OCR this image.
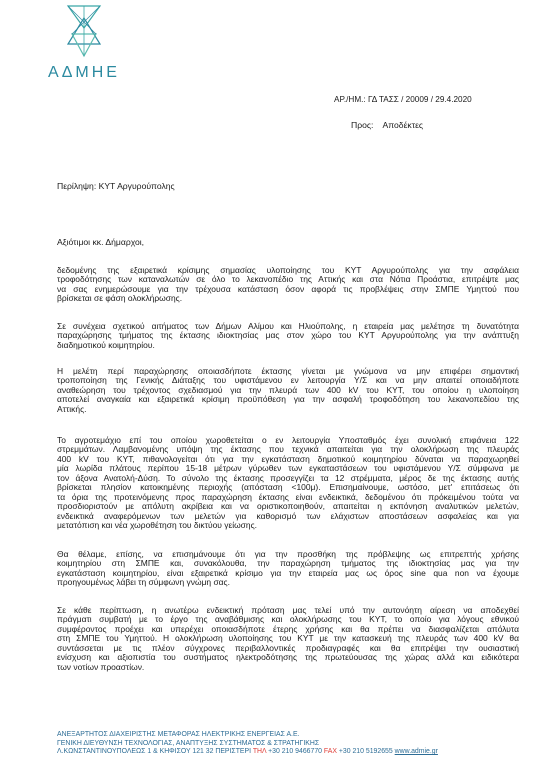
ΑΔΜΗΕ
ΑΡ./ΗΜ.: ΓΔ ΤΑΣΣ / 20009 / 29.4.2020
Προς:    Αποδέκτες
Περίληψη: ΚΥΤ Αργυρούπολης
Αξιότιμοι κκ. Δήμαρχοι,
δεδομένης της εξαιρετικά κρίσιμης σημασίας υλοποίησης του ΚΥΤ Αργυρούπολης για την ασφάλεια
τροφοδότησης των καταναλωτών σε όλο το λεκανοπέδιο της Αττικής και στα Νότια Προάστια, επιτρέψτε μας
να σας ενημερώσουμε για την τρέχουσα κατάσταση όσον αφορά τις προβλέψεις στην ΣΜΠΕ Υμηττού που
βρίσκεται σε φάση ολοκλήρωσης.
Σε συνέχεια σχετικού αιτήματος των Δήμων Αλίμου και Ηλιούπολης, η εταιρεία μας μελέτησε τη δυνατότητα
παραχώρησης τμήματος της έκτασης ιδιοκτησίας μας στον χώρο του ΚΥΤ Αργυρούπολης για την ανάπτυξη
διαδημοτικού κοιμητηρίου.
Η μελέτη περί παραχώρησης οποιασδήποτε έκτασης γίνεται με γνώμονα να μην επιφέρει σημαντική
τροποποίηση της Γενικής Διάταξης του υφιστάμενου εν λειτουργία Υ/Σ και να μην απαιτεί οποιαδήποτε
αναθεώρηση του τρέχοντος σχεδιασμού για την πλευρά των 400 kV του ΚΥΤ, του οποίου η υλοποίηση
αποτελεί αναγκαία και εξαιρετικά κρίσιμη προϋπόθεση για την ασφαλή τροφοδότηση του λεκανοπεδίου της
Αττικής.
Το αγροτεμάχιο επί του οποίου χωροθετείται ο εν λειτουργία Υποσταθμός έχει συνολική επιφάνεια 122
στρεμμάτων. Λαμβανομένης υπόψη της έκτασης που τεχνικά απαιτείται για την ολοκλήρωση της πλευράς
400 kV του ΚΥΤ, πιθανολογείται ότι για την εγκατάσταση δημοτικού κοιμητηρίου δύναται να παραχωρηθεί
μία λωρίδα πλάτους περίπου 15-18 μέτρων γύρωθεν των εγκαταστάσεων του υφιστάμενου Υ/Σ σύμφωνα με
τον άξονα Ανατολή-Δύση. Το σύνολο της έκτασης προσεγγίζει τα 12 στρέμματα, μέρος δε της έκτασης αυτής
βρίσκεται πλησίον κατοικημένης περιοχής (απόσταση <100μ). Επισημαίνουμε, ωστόσο, μετ' επιτάσεως ότι
τα όρια της προτεινόμενης προς παραχώρηση έκτασης είναι ενδεικτικά, δεδομένου ότι πρόκειμένου τούτα να
προσδιοριστούν με απόλυτη ακρίβεια και να οριστικοποιηθούν, απαιτείται η εκπόνηση αναλυτικών μελετών,
ενδεικτικά αναφερόμενων των μελετών για καθορισμό των ελάχιστων αποστάσεων ασφαλείας και για
μετατόπιση και νέα χωροθέτηση του δικτύου γείωσης.
Θα θέλαμε, επίσης, να επισημάνουμε ότι για την προσθήκη της πρόβλεψης ως επιτρεπτής χρήσης
κοιμητηρίου στη ΣΜΠΕ και, συνακόλουθα, την παραχώρηση τμήματος της ιδιοκτησίας μας για την
εγκατάσταση κοιμητηρίου, είναι εξαιρετικά κρίσιμο για την εταιρεία μας ως όρος sine qua non να έχουμε
προηγουμένως λάβει τη σύμφωνη γνώμη σας.
Σε κάθε περίπτωση, η ανωτέρω ενδεικτική πρόταση μας τελεί υπό την αυτονόητη αίρεση να αποδεχθεί
πράγματι συμβατή με το έργο της αναβάθμισης και ολοκλήρωσης του ΚΥΤ, το οποίο για λόγους εθνικού
συμφέροντος προέχει και υπερέχει οποιασδήποτε έτερης χρήσης και θα πρέπει να διασφαλίζεται απόλυτα
στη ΣΜΠΕ του Υμηττού. Η ολοκλήρωση υλοποίησης του ΚΥΤ με την κατασκευή της πλευράς των 400 kV θα
συντάσσεται με τις πλέον σύγχρονες περιβαλλοντικές προδιαγραφές και θα επιτρέψει την ουσιαστική
ενίσχυση και αξιοπιστία του συστήματος ηλεκτροδότησης της πρωτεύουσας της χώρας αλλά και ειδικότερα
των νοτίων προαστίων.
ΑΝΕΞΑΡΤΗΤΟΣ ΔΙΑΧΕΙΡΙΣΤΗΣ ΜΕΤΑΦΟΡΑΣ ΗΛΕΚΤΡΙΚΗΣ ΕΝΕΡΓΕΙΑΣ Α.Ε.
ΓΕΝΙΚΗ ΔΙΕΥΘΥΝΣΗ ΤΕΧΝΟΛΟΓΙΑΣ, ΑΝΑΠΤΥΞΗΣ ΣΥΣΤΗΜΑΤΟΣ & ΣΤΡΑΤΗΓΙΚΗΣ
Λ.ΚΩΝΣΤΑΝΤΙΝΟΥΠΟΛΕΩΣ 1 & ΚΗΦΙΣΟΥ 121 32 ΠΕΡΙΣΤΕΡΙ ΤΗΛ +30 210 9466770 FAX +30 210 5192655 www.admie.gr
